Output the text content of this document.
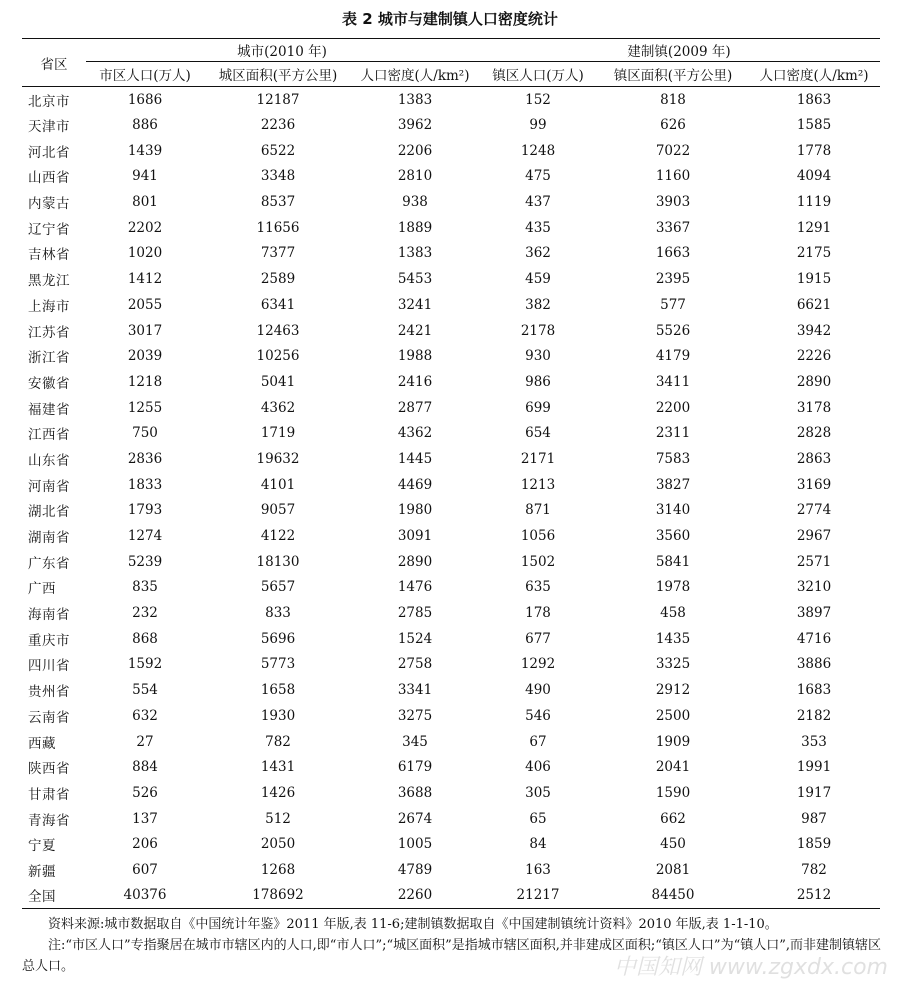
表 2 城市与建制镇人口密度统计
省区	城市(2010 年)			建制镇(2009 年)		
	市区人口(万人)	城区面积(平方公里)	人口密度(人/km²)	镇区人口(万人)	镇区面积(平方公里)	人口密度(人/km²)
北京市	1686	12187	1383	152	818	1863
天津市	886	2236	3962	99	626	1585
河北省	1439	6522	2206	1248	7022	1778
山西省	941	3348	2810	475	1160	4094
内蒙古	801	8537	938	437	3903	1119
辽宁省	2202	11656	1889	435	3367	1291
吉林省	1020	7377	1383	362	1663	2175
黑龙江	1412	2589	5453	459	2395	1915
上海市	2055	6341	3241	382	577	6621
江苏省	3017	12463	2421	2178	5526	3942
浙江省	2039	10256	1988	930	4179	2226
安徽省	1218	5041	2416	986	3411	2890
福建省	1255	4362	2877	699	2200	3178
江西省	750	1719	4362	654	2311	2828
山东省	2836	19632	1445	2171	7583	2863
河南省	1833	4101	4469	1213	3827	3169
湖北省	1793	9057	1980	871	3140	2774
湖南省	1274	4122	3091	1056	3560	2967
广东省	5239	18130	2890	1502	5841	2571
广西	835	5657	1476	635	1978	3210
海南省	232	833	2785	178	458	3897
重庆市	868	5696	1524	677	1435	4716
四川省	1592	5773	2758	1292	3325	3886
贵州省	554	1658	3341	490	2912	1683
云南省	632	1930	3275	546	2500	2182
西藏	27	782	345	67	1909	353
陕西省	884	1431	6179	406	2041	1991
甘肃省	526	1426	3688	305	1590	1917
青海省	137	512	2674	65	662	987
宁夏	206	2050	1005	84	450	1859
新疆	607	1268	4789	163	2081	782
全国	40376	178692	2260	21217	84450	2512
资料来源:城市数据取自《中国统计年鉴》2011 年版,表 11-6;建制镇数据取自《中国建制镇统计资料》2010 年版,表 1-1-10。
注:“市区人口”专指聚居在城市市辖区内的人口,即“市人口”;“城区面积”是指城市辖区面积,并非建成区面积;“镇区人口”为“镇人口”,而非建制镇辖区总人口。	中国知网 www.zgxdx.com
